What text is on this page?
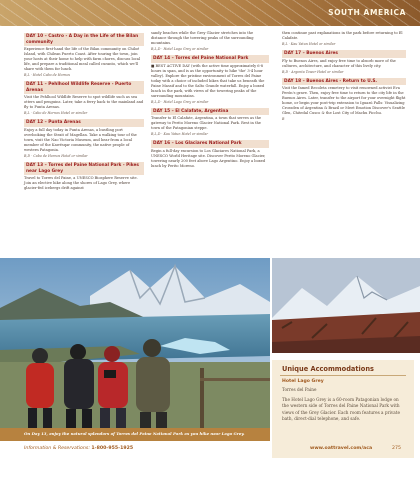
SOUTH AMERICA
DAY 10 – Castro - A Day in the Life of the Bilan community
Experience first-hand the life of the Bilan community on Chiloé Island, with Chilean Puerto Coast. After touring the town, join your hosts at their home to help with farm chores, discuss local life, and prepare a traditional meal called curanto, which we'll share with them for lunch.
B,L · Hotel Cabo de Hornos
DAY 11 – Pehlhool Wildlife Reserve - Puerto Arenas
Visit the Pehlhool Wildlife Reserve to spot wildlife such as sea otters and penguins. Later, take a ferry back to the mainland and fly to Punta Arenas.
B,L · Cabo de Hornos Hotel or similar
DAY 12 – Punta Arenas
Enjoy a full day today in Punta Arenas, a bustling port overlooking the Strait of Magellan. Take a walking tour of the town, visit the Nao Victoria Museum, and hear from a local member of the Kawésqar community, the native people of western Patagonia.
B,D · Cabo de Hornos Hotel or similar
DAY 13 – Torres del Paine National Park - Pikes near Lago Grey
Travel to Torres del Paine, a UNESCO Biosphere Reserve site. Join an elective hike along the shores of Lago Grey, where glacier-fed icebergs drift against
sandy beaches while the Grey Glacier stretches into the distance through the towering peaks of the surrounding mountains.
B,L,D · Hotel Lago Grey or similar
DAY 14 – Torres del Paine National Park
■ BEST ACTIVE DAY (with the active time approximately 6-8 hours in span, and is as the opportunity to hike 'the' 3-4 hour valley). Explore the pristine environment of Torres del Paine today with a choice of included hikes that take us beneath the Paine Massif and to the Salto Grande waterfall. Enjoy a boxed lunch in the park, with views of the towering peaks of the surrounding mountains.
B,L,D · Hotel Lago Grey or similar
DAY 15 – El Calafate, Argentina
Transfer to El Calafate, Argentina, a town that serves as the gateway to Perito Moreno Glacier National Park. Rest in the town of the Patagonian steppe.
B,L,D · Kau Yatun Hotel or similar
DAY 16 – Los Glaciares National Park
Begin a full-day excursion to Los Glaciares National Park, a UNESCO World Heritage site. Discover Perito Moreno Glacier, towering nearly 200 feet above Lago Argentino. Enjoy a boxed lunch by Perito Moreno.
then continue past explanations in the park before returning to El Calafate.
B,L · Kau Yatun Hotel or similar
DAY 17 – Buenos Aires
Fly to Buenos Aires, and enjoy free time to absorb more of the cultures, architecture, and character of this lively city.
B,D · Argenta Tower Hotel or similar
DAY 18 – Buenos Aires - Return to U.S.
Visit the famed Recoleta cemetery to visit renowned activist Eva Perón's grave. Then, enjoy free time to return to the city life in the Buenos Aires. Later, transfer to the airport for your overnight flight home, or begin your post-trip extension to Iguazú Falls: Visualizing Crossden of Argentina & Brazil or Meet Emotion Discover's Seattle Glen, Chitedal Cusco & the Lost City of Machu Picchu.
B
On Day 13, enjoy the natural splendors of Torres del Paine National Park as you hike near Lago Grey.
Unique Accommodations
Hotel Lago Grey
Torres del Paine
The Hotel Lago Grey is a 60-room Patagonian lodge on the western side of Torres del Paine National Park with views of the Grey Glacier. Each room features a private bath, direct-dial telephone, and safe.
Information & Reservations: 1-800-955-1925	www.oattravel.com/aca	275
